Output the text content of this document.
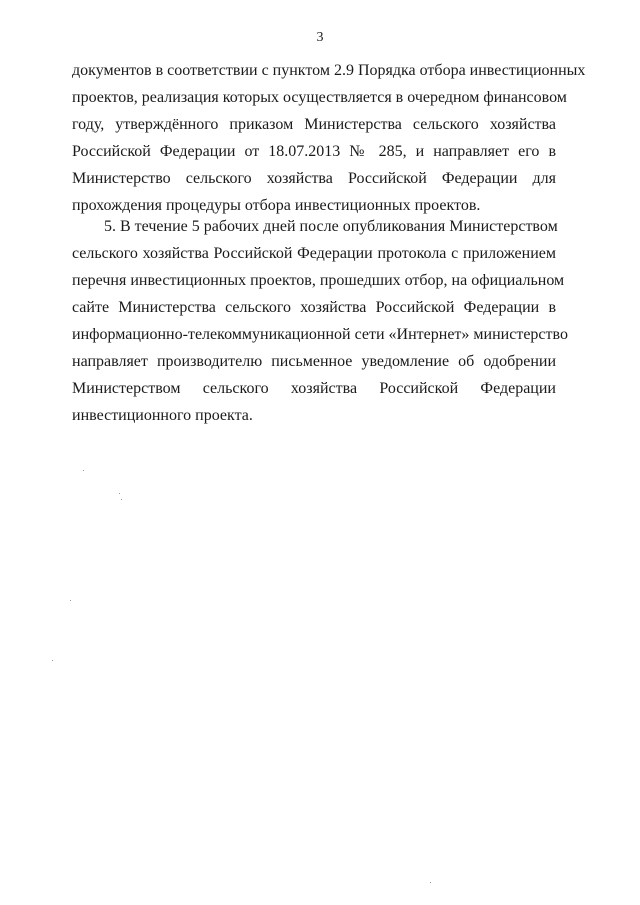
3
документов в соответствии с пунктом 2.9 Порядка отбора инвестиционных
проектов, реализация которых осуществляется в очередном финансовом
году, утверждённого приказом Министерства сельского хозяйства
Российской Федерации от 18.07.2013 № 285, и направляет его в
Министерство сельского хозяйства Российской Федерации для
прохождения процедуры отбора инвестиционных проектов.
5. В течение 5 рабочих дней после опубликования Министерством
сельского хозяйства Российской Федерации протокола с приложением
перечня инвестиционных проектов, прошедших отбор, на официальном
сайте Министерства сельского хозяйства Российской Федерации в
информационно-телекоммуникационной сети «Интернет» министерство
направляет производителю письменное уведомление об одобрении
Министерством сельского хозяйства Российской Федерации
инвестиционного проекта.
